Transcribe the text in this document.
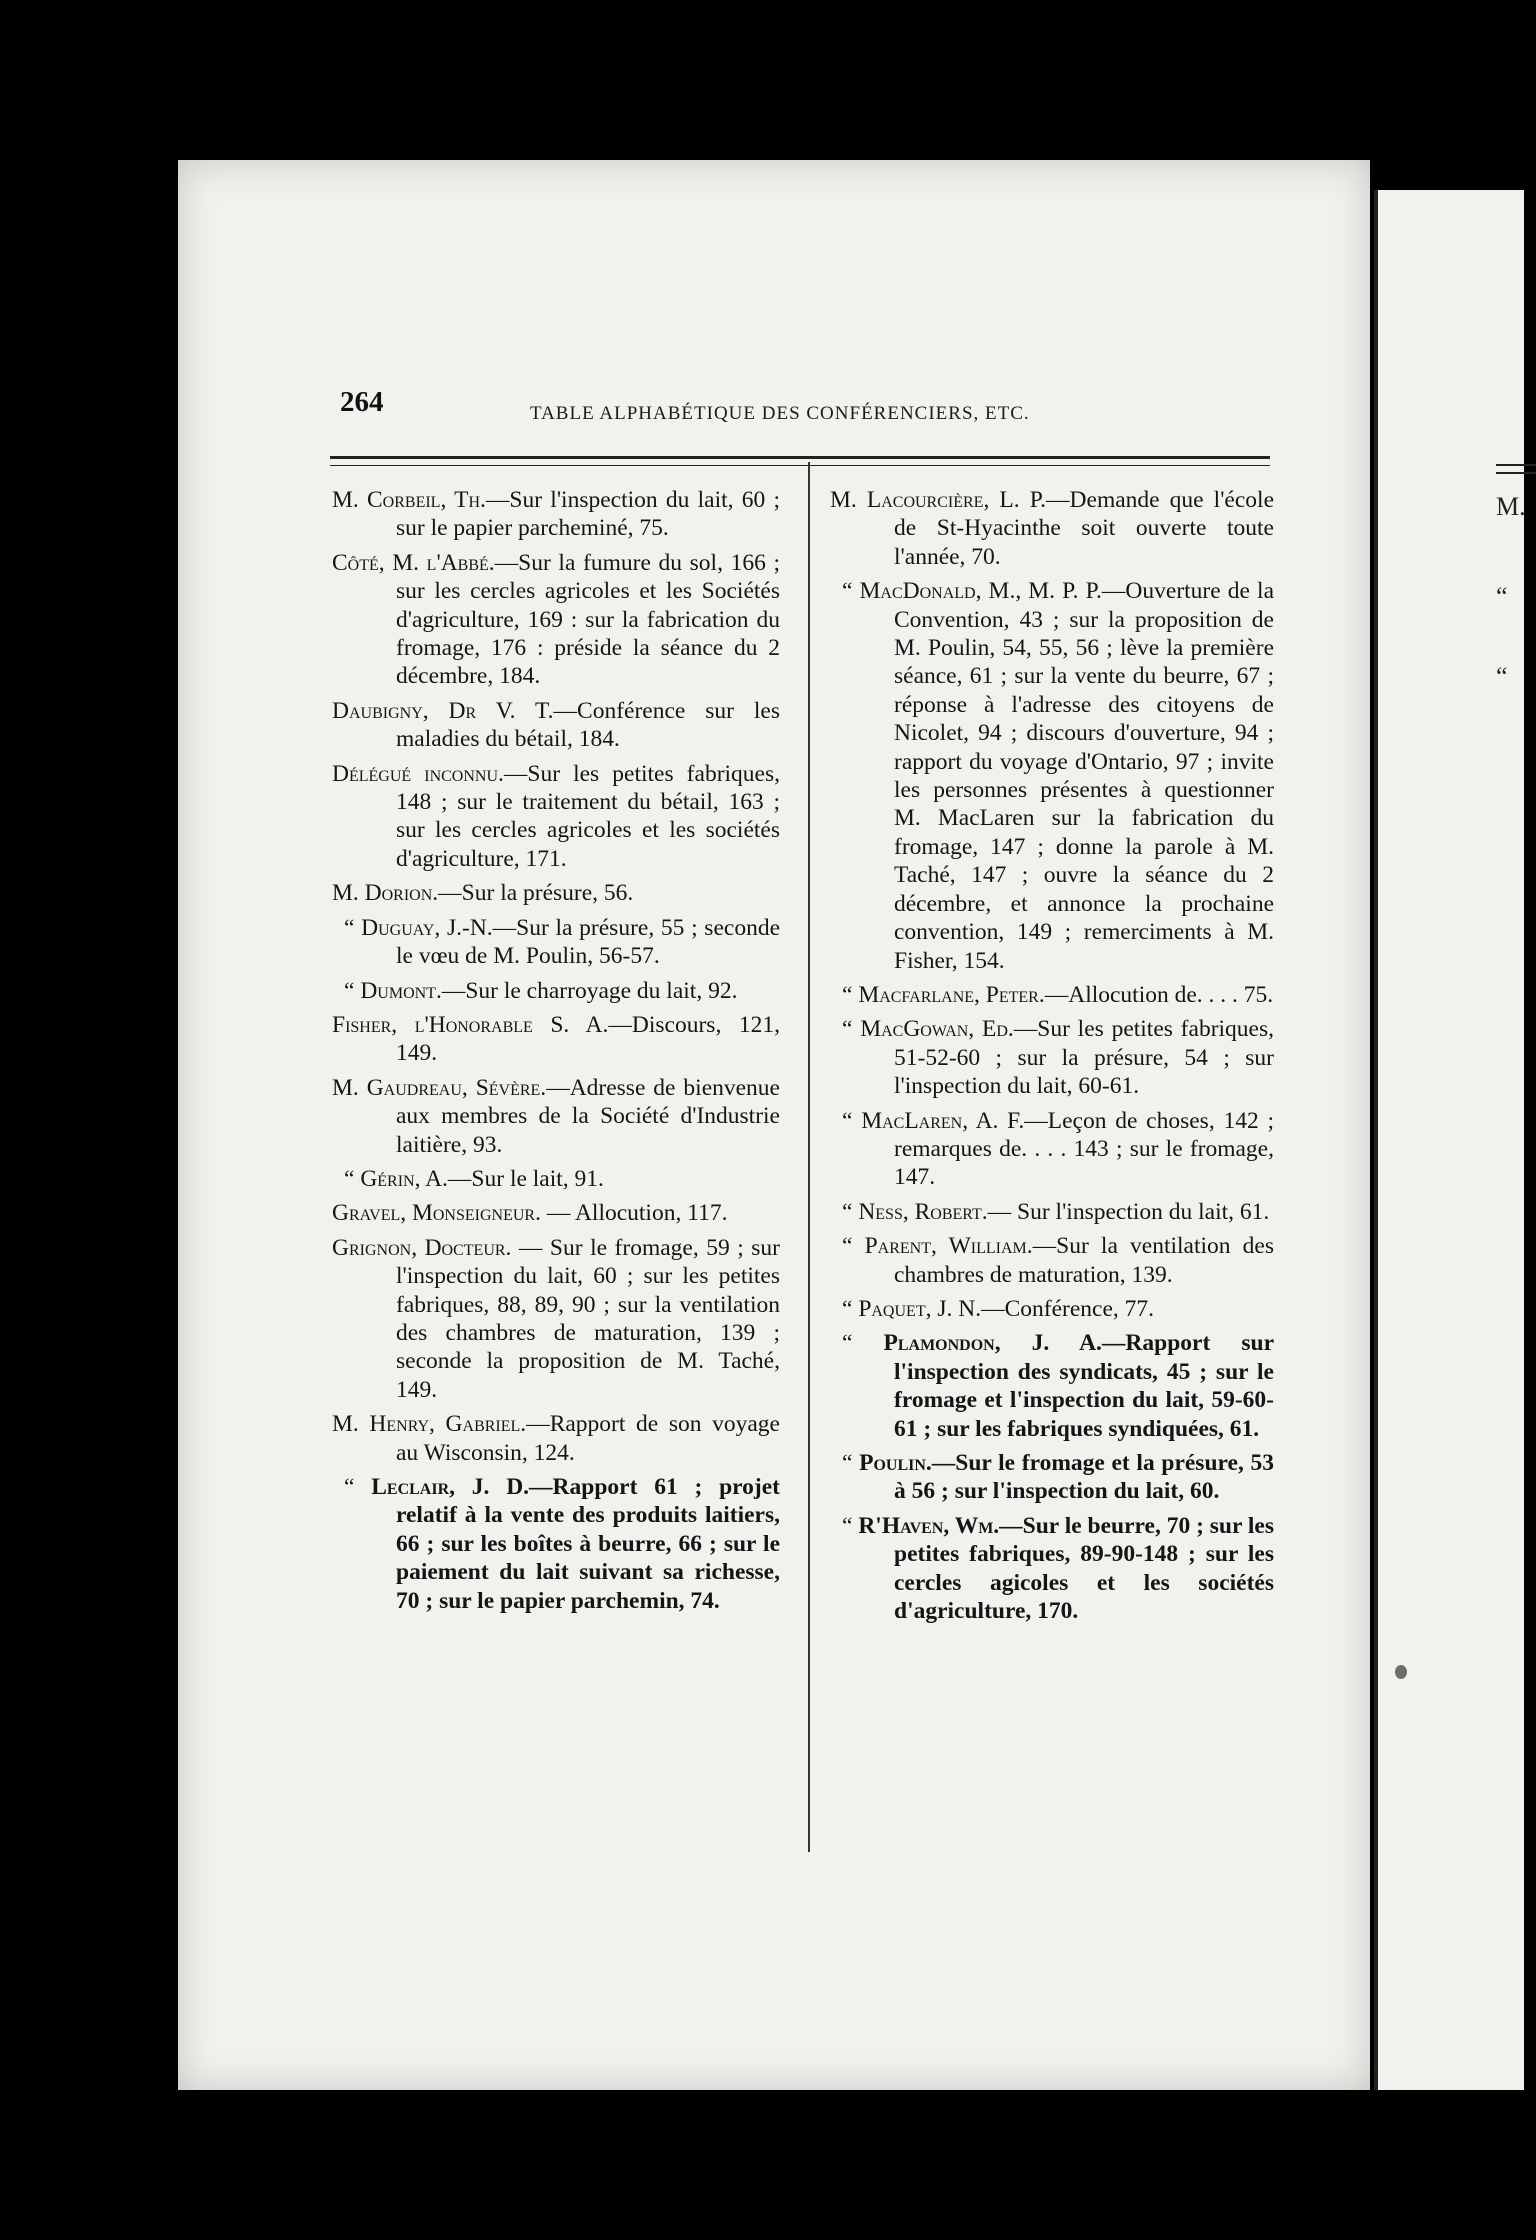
M.
“
“
264	TABLE ALPHABÉTIQUE DES CONFÉRENCIERS, ETC.
M. Corbeil, Th.—Sur l'inspection du lait, 60 ; sur le papier parcheminé, 75.
Côté, M. l'Abbé.—Sur la fumure du sol, 166 ; sur les cercles agricoles et les Sociétés d'agriculture, 169 : sur la fabrication du fromage, 176 : préside la séance du 2 décembre, 184.
Daubigny, Dr V. T.—Conférence sur les maladies du bétail, 184.
Délégué inconnu.—Sur les petites fabriques, 148 ; sur le traitement du bétail, 163 ; sur les cercles agricoles et les sociétés d'agriculture, 171.
M. Dorion.—Sur la présure, 56.
“ Duguay, J.-N.—Sur la présure, 55 ; seconde le vœu de M. Poulin, 56-57.
“ Dumont.—Sur le charroyage du lait, 92.
Fisher, l'Honorable S. A.—Discours, 121, 149.
M. Gaudreau, Sévère.—Adresse de bienvenue aux membres de la Société d'Industrie laitière, 93.
“ Gérin, A.—Sur le lait, 91.
Gravel, Monseigneur. — Allocution, 117.
Grignon, Docteur. — Sur le fromage, 59 ; sur l'inspection du lait, 60 ; sur les petites fabriques, 88, 89, 90 ; sur la ventilation des chambres de maturation, 139 ; seconde la proposition de M. Taché, 149.
M. Henry, Gabriel.—Rapport de son voyage au Wisconsin, 124.
“ Leclair, J. D.—Rapport 61 ; projet relatif à la vente des produits laitiers, 66 ; sur les boîtes à beurre, 66 ; sur le paiement du lait suivant sa richesse, 70 ; sur le papier parchemin, 74.
M. Lacourcière, L. P.—Demande que l'école de St-Hyacinthe soit ouverte toute l'année, 70.
“ MacDonald, M., M. P. P.—Ouverture de la Convention, 43 ; sur la proposition de M. Poulin, 54, 55, 56 ; lève la première séance, 61 ; sur la vente du beurre, 67 ; réponse à l'adresse des citoyens de Nicolet, 94 ; discours d'ouverture, 94 ; rapport du voyage d'Ontario, 97 ; invite les personnes présentes à questionner M. MacLaren sur la fabrication du fromage, 147 ; donne la parole à M. Taché, 147 ; ouvre la séance du 2 décembre, et annonce la prochaine convention, 149 ; remerciments à M. Fisher, 154.
“ Macfarlane, Peter.—Allocution de. . . . 75.
“ MacGowan, Ed.—Sur les petites fabriques, 51-52-60 ; sur la présure, 54 ; sur l'inspection du lait, 60-61.
“ MacLaren, A. F.—Leçon de choses, 142 ; remarques de. . . . 143 ; sur le fromage, 147.
“ Ness, Robert.— Sur l'inspection du lait, 61.
“ Parent, William.—Sur la ventilation des chambres de maturation, 139.
“ Paquet, J. N.—Conférence, 77.
“ Plamondon, J. A.—Rapport sur l'inspection des syndicats, 45 ; sur le fromage et l'inspection du lait, 59-60-61 ; sur les fabriques syndiquées, 61.
“ Poulin.—Sur le fromage et la présure, 53 à 56 ; sur l'inspection du lait, 60.
“ R'Haven, Wm.—Sur le beurre, 70 ; sur les petites fabriques, 89-90-148 ; sur les cercles agicoles et les sociétés d'agriculture, 170.
